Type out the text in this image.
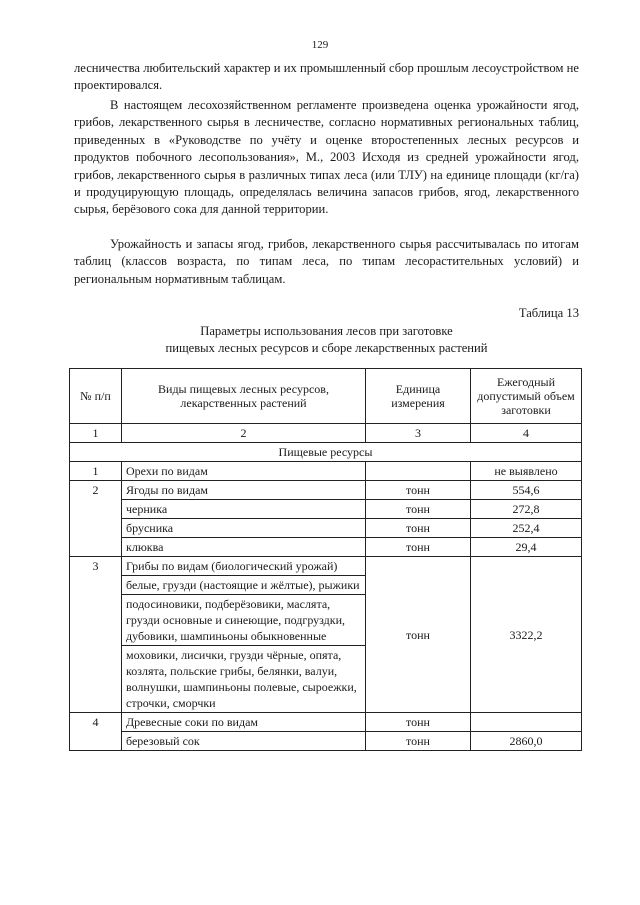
129
лесничества любительский характер и их промышленный сбор прошлым лесоустройством не проектировался.
В настоящем лесохозяйственном регламенте произведена оценка урожайности ягод, грибов, лекарственного сырья в лесничестве, согласно нормативных региональных таблиц, приведенных в «Руководстве по учёту и оценке второстепенных лесных ресурсов и продуктов побочного лесопользования», М., 2003 Исходя из средней урожайности ягод, грибов, лекарственного сырья в различных типах леса (или ТЛУ) на единице площади (кг/га) и продуцирующую площадь, определялась величина запасов грибов, ягод, лекарственного сырья, берёзового сока для данной территории.
Урожайность и запасы ягод, грибов, лекарственного сырья рассчитывалась по итогам таблиц (классов возраста, по типам леса, по типам лесорастительных условий) и региональным нормативным таблицам.
Таблица 13
Параметры использования лесов при заготовке
пищевых лесных ресурсов и сборе лекарственных растений
№ п/п	Виды пищевых лесных ресурсов, лекарственных растений	Единица измерения	Ежегодный допустимый объем заготовки
1	2	3	4
Пищевые ресурсы			
1	Орехи по видам		не выявлено
2	Ягоды по видам	тонн	554,6
	черника	тонн	272,8
	брусника	тонн	252,4
	клюква	тонн	29,4
3	Грибы по видам (биологический урожай)	тонн	3322,2
	белые, грузди (настоящие и жёлтые), рыжики		
	подосиновики, подберёзовики, маслята, грузди основные и синеющие, подгруздки, дубовики, шампиньоны обыкновенные		
	моховики, лисички, грузди чёрные, опята, козлята, польские грибы, белянки, валуи, волнушки, шампиньоны полевые, сыроежки, строчки, сморчки		
4	Древесные соки по видам	тонн	
	березовый сок	тонн	2860,0
